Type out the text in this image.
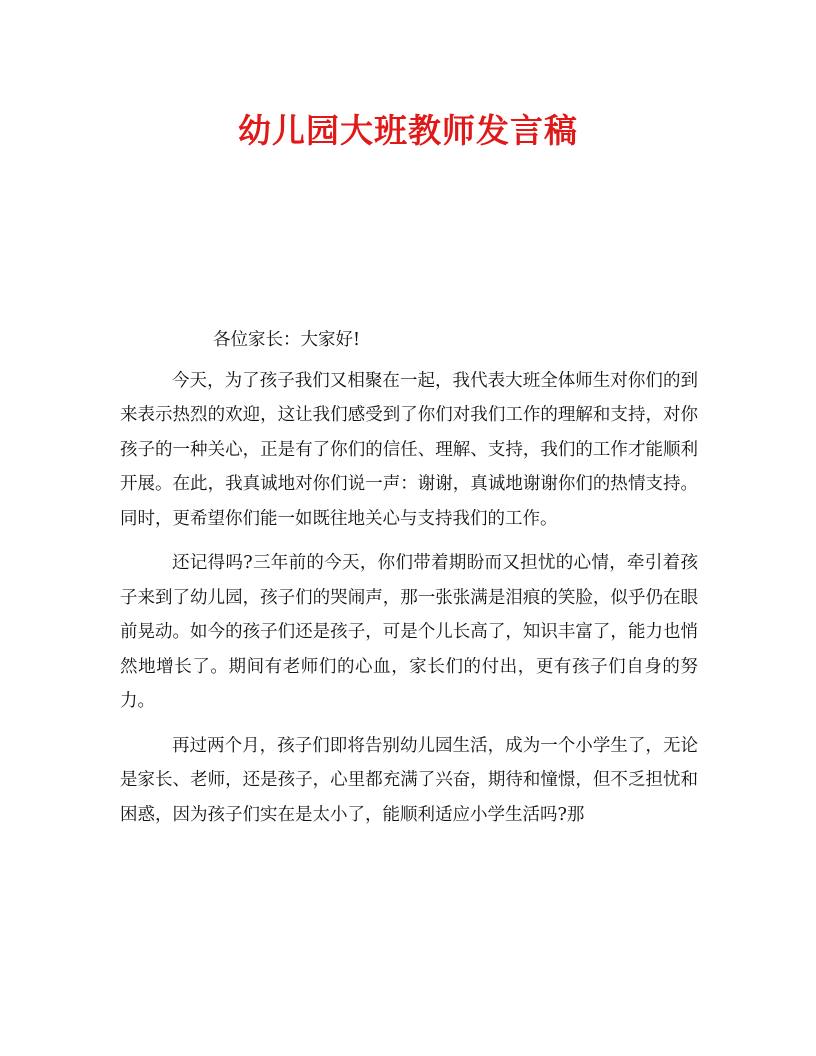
幼儿园大班教师发言稿

各位家长：大家好!

今天，为了孩子我们又相聚在一起，我代表大班全体师生对你们的到来表示热烈的欢迎，这让我们感受到了你们对我们工作的理解和支持，对你孩子的一种关心，正是有了你们的信任、理解、支持，我们的工作才能顺利开展。在此，我真诚地对你们说一声：谢谢，真诚地谢谢你们的热情支持。同时，更希望你们能一如既往地关心与支持我们的工作。

还记得吗?三年前的今天，你们带着期盼而又担忧的心情，牵引着孩子来到了幼儿园，孩子们的哭闹声，那一张张满是泪痕的笑脸，似乎仍在眼前晃动。如今的孩子们还是孩子，可是个儿长高了，知识丰富了，能力也悄然地增长了。期间有老师们的心血，家长们的付出，更有孩子们自身的努力。

再过两个月，孩子们即将告别幼儿园生活，成为一个小学生了，无论是家长、老师，还是孩子，心里都充满了兴奋，期待和憧憬，但不乏担忧和困惑，因为孩子们实在是太小了，能顺利适应小学生活吗?那
